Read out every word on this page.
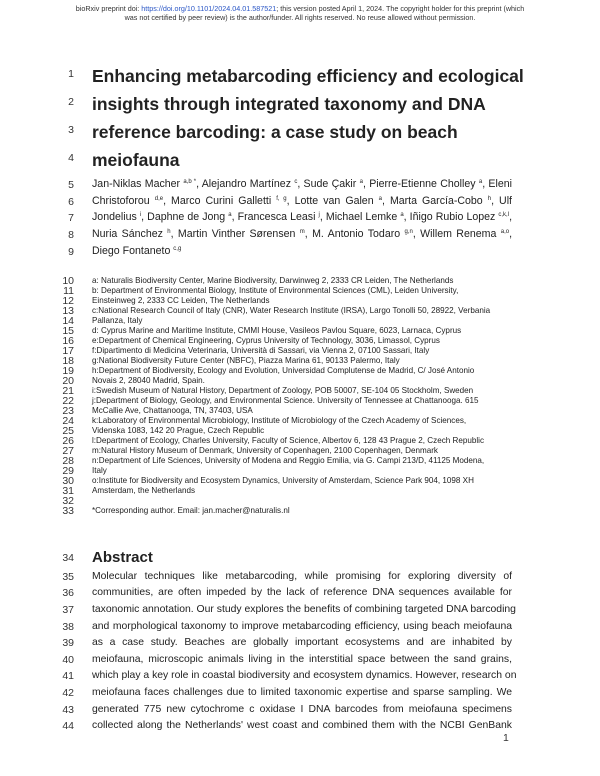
bioRxiv preprint doi: https://doi.org/10.1101/2024.04.01.587521; this version posted April 1, 2024. The copyright holder for this preprint (which
was not certified by peer review) is the author/funder. All rights reserved. No reuse allowed without permission.
1
2
3
4
5
6
7
8
9
10
11
12
13
14
15
16
17
18
19
20
21
22
23
24
25
26
27
28
29
30
31
32
33
34
35
36
37
38
39
40
41
42
43
44
Enhancing metabarcoding efficiency and ecological
insights through integrated taxonomy and DNA
reference barcoding: a case study on beach
meiofauna
Jan-Niklas Macher $^{a,b *}$, Alejandro Martínez $^c$, Sude Çakir $^a$, Pierre-Etienne Cholley $^a$, Eleni
Christoforou $^{d,e}$, Marco Curini Galletti $^{f, g}$, Lotte van Galen $^a$, Marta García-Cobo $^h$, Ulf
Jondelius $^i$, Daphne de Jong $^a$, Francesca Leasi $^j$, Michael Lemke $^a$, Iñigo Rubio Lopez $^{c,k,l}$,
Nuria Sánchez $^h$, Martin Vinther Sørensen $^m$, M. Antonio Todaro $^{g,n}$, Willem Renema $^{a,o}$,
Diego Fontaneto $^{c,g}$
a: Naturalis Biodiversity Center, Marine Biodiversity, Darwinweg 2, 2333 CR Leiden, The Netherlands
b: Department of Environmental Biology, Institute of Environmental Sciences (CML), Leiden University,
Einsteinweg 2, 2333 CC Leiden, The Netherlands
c:National Research Council of Italy (CNR), Water Research Institute (IRSA), Largo Tonolli 50, 28922, Verbania
Pallanza, Italy
d: Cyprus Marine and Maritime Institute, CMMI House, Vasileos Pavlou Square, 6023, Larnaca, Cyprus
e:Department of Chemical Engineering, Cyprus University of Technology, 3036, Limassol, Cyprus
f:Dipartimento di Medicina Veterinaria, Università di Sassari, via Vienna 2, 07100 Sassari, Italy
g:National Biodiversity Future Center (NBFC), Piazza Marina 61, 90133 Palermo, Italy
h:Department of Biodiversity, Ecology and Evolution, Universidad Complutense de Madrid, C/ José Antonio
Novais 2, 28040 Madrid, Spain.
i:Swedish Museum of Natural History, Department of Zoology, POB 50007, SE-104 05 Stockholm, Sweden
j:Department of Biology, Geology, and Environmental Science. University of Tennessee at Chattanooga. 615
McCallie Ave, Chattanooga, TN, 37403, USA
k:Laboratory of Environmental Microbiology, Institute of Microbiology of the Czech Academy of Sciences,
Videnska 1083, 142 20 Prague, Czech Republic
l:Department of Ecology, Charles University, Faculty of Science, Albertov 6, 128 43 Prague 2, Czech Republic
m:Natural History Museum of Denmark, University of Copenhagen, 2100 Copenhagen, Denmark
n:Department of Life Sciences, University of Modena and Reggio Emilia, via G. Campi 213/D, 41125 Modena,
Italy
o:Institute for Biodiversity and Ecosystem Dynamics, University of Amsterdam, Science Park 904, 1098 XH
Amsterdam, the Netherlands
*Corresponding author. Email: jan.macher@naturalis.nl
Abstract
Molecular techniques like metabarcoding, while promising for exploring diversity of
communities, are often impeded by the lack of reference DNA sequences available for
taxonomic annotation. Our study explores the benefits of combining targeted DNA barcoding
and morphological taxonomy to improve metabarcoding efficiency, using beach meiofauna
as a case study. Beaches are globally important ecosystems and are inhabited by
meiofauna, microscopic animals living in the interstitial space between the sand grains,
which play a key role in coastal biodiversity and ecosystem dynamics. However, research on
meiofauna faces challenges due to limited taxonomic expertise and sparse sampling. We
generated 775 new cytochrome c oxidase I DNA barcodes from meiofauna specimens
collected along the Netherlands' west coast and combined them with the NCBI GenBank
1
